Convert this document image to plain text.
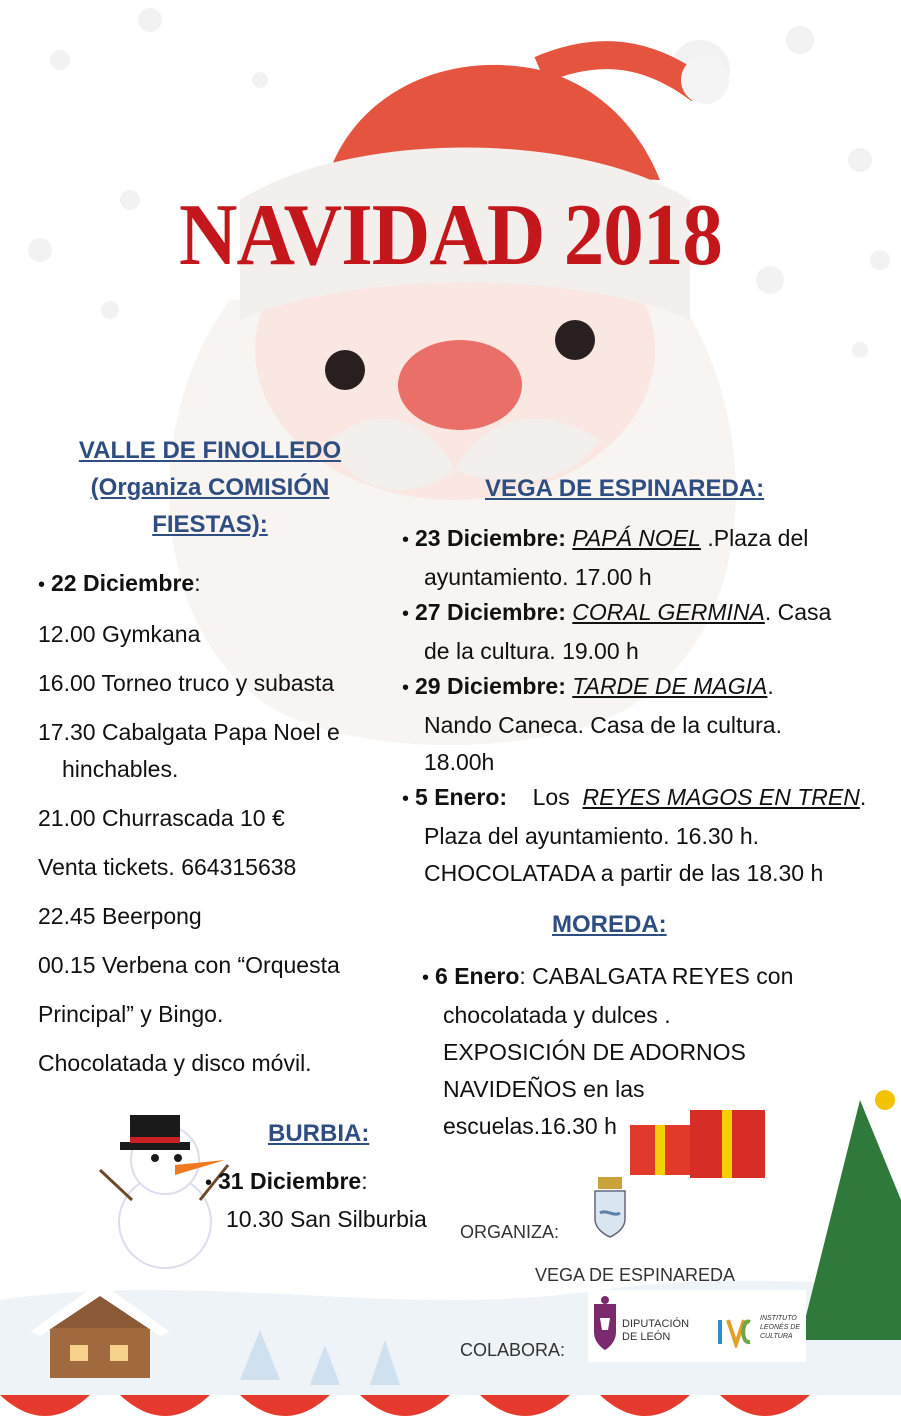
NAVIDAD 2018
VALLE DE FINOLLEDO
(Organiza COMISIÓN
FIESTAS):

• 22 Diciembre:

12.00 Gymkana

16.00 Torneo truco y subasta

17.30 Cabalgata Papa Noel e

hinchables.

21.00 Churrascada 10 €

Venta tickets. 664315638

22.45 Beerpong

00.15 Verbena con “Orquesta

Principal” y Bingo.

Chocolatada y disco móvil.

BURBIA:
• 31 Diciembre:
10.30 San Silburbia
VEGA DE ESPINAREDA:
• 23 Diciembre: PAPÁ NOEL .Plaza del
ayuntamiento. 17.00 h
• 27 Diciembre: CORAL GERMINA. Casa
de la cultura. 19.00 h
• 29 Diciembre: TARDE DE MAGIA.
Nando Caneca. Casa de la cultura.
18.00h
• 5 Enero:    Los  REYES MAGOS EN TREN.
Plaza del ayuntamiento. 16.30 h.
CHOCOLATADA a partir de las 18.30 h
MOREDA:
• 6 Enero: CABALGATA REYES con
chocolatada y dulces .
EXPOSICIÓN DE ADORNOS
NAVIDEÑOS en las
escuelas.16.30 h
ORGANIZA:
VEGA DE ESPINAREDA
COLABORA:
DIPUTACIÓN
DE LEÓN
INSTITUTO
LEONÉS DE
CULTURA
